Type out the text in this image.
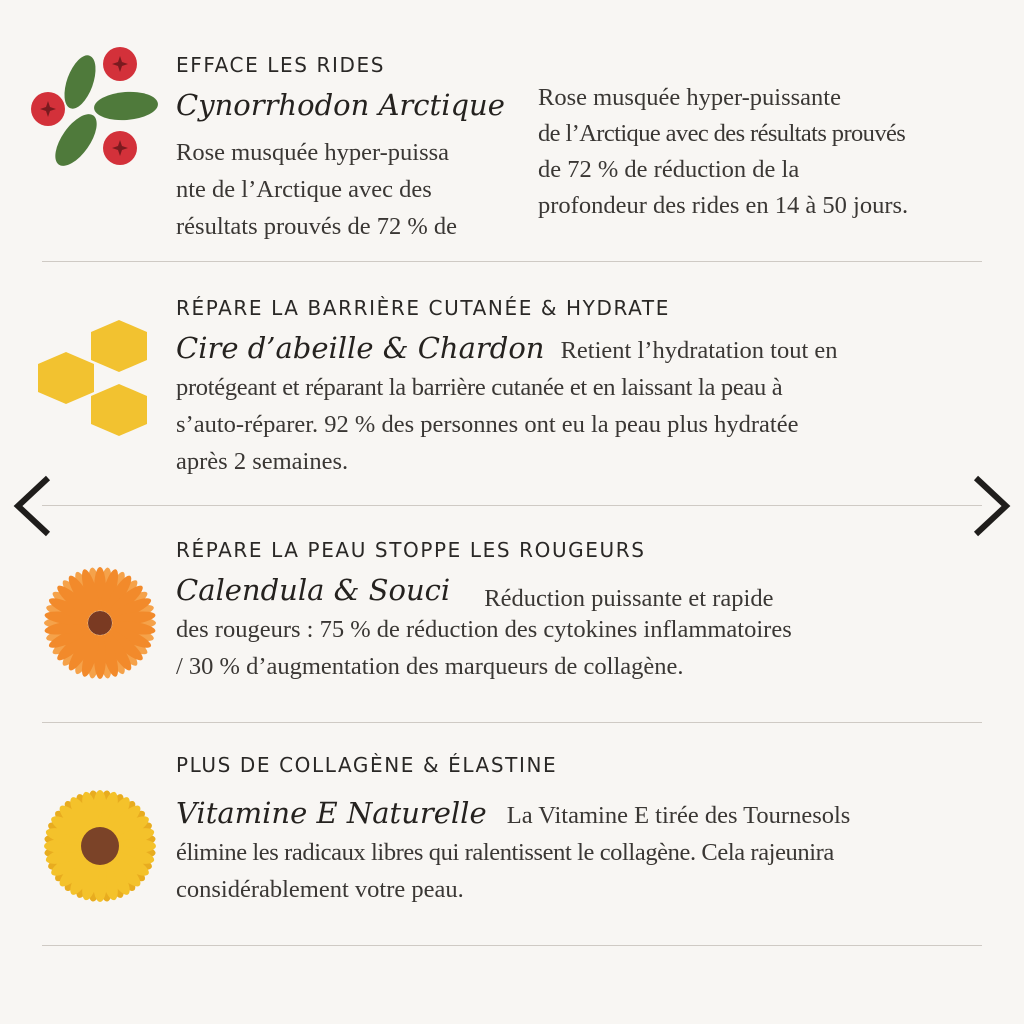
EFFACE LES RIDES
Cynorrhodon Arctique
Rose musquée hyper-puissa
nte de l’Arctique avec des
résultats prouvés de 72 % de
Rose musquée hyper-puissante
de l’Arctique avec des résultats prouvés
de 72 % de réduction de la
profondeur des rides en 14 à 50 jours.
RÉPARE LA BARRIÈRE CUTANÉE & HYDRATE
Cire d’abeille & Chardon Retient l’hydratation tout en
protégeant et réparant la barrière cutanée et en laissant la peau à
s’auto-réparer. 92 % des personnes ont eu la peau plus hydratée
après 2 semaines.
RÉPARE LA PEAU STOPPE LES ROUGEURS
Calendula & Souci Réduction puissante et rapide
des rougeurs : 75 % de réduction des cytokines inflammatoires
/ 30 % d’augmentation des marqueurs de collagène.
PLUS DE COLLAGÈNE & ÉLASTINE
Vitamine E Naturelle La Vitamine E tirée des Tournesols
élimine les radicaux libres qui ralentissent le collagène. Cela rajeunira
considérablement votre peau.
